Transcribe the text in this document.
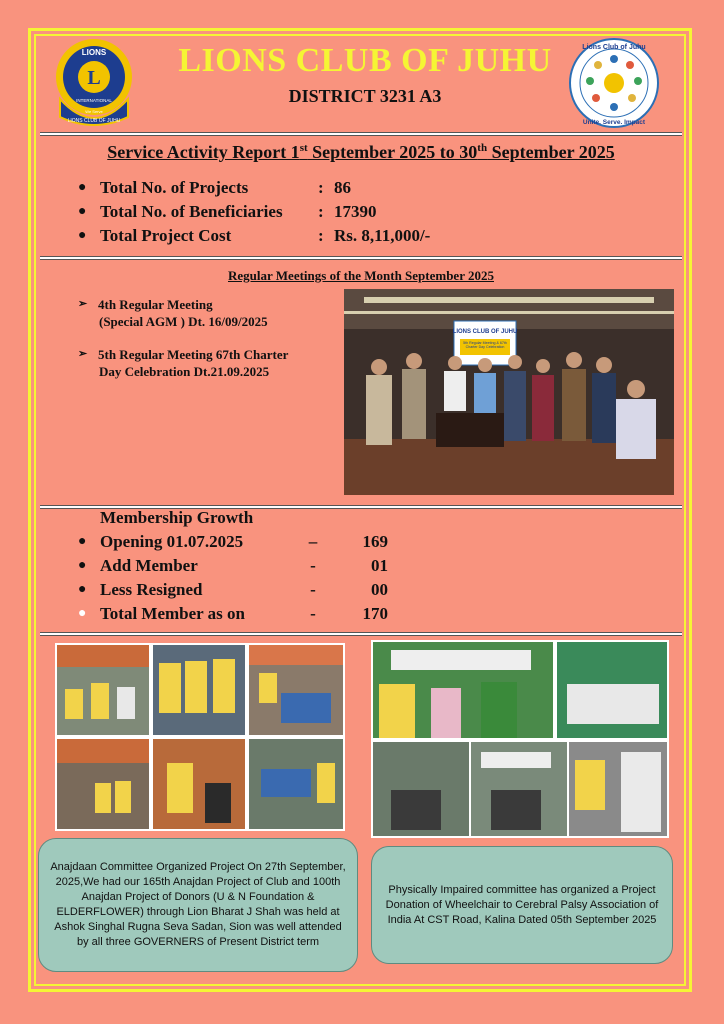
L
LIONS
INTERNATIONAL
We Serve
LIONS CLUB OF JUHU
LIONS CLUB OF JUHU
DISTRICT 3231 A3
Lions Club of Juhu
Unite. Serve. Impact
Service Activity Report 1st September 2025 to 30th September 2025
● Total No. of Projects	: 86
● Total No. of Beneficiaries	: 17390
● Total Project Cost	: Rs. 8,11,000/-
Regular Meetings of the Month September 2025
➢ 4th Regular Meeting
(Special AGM ) Dt. 16/09/2025
➢ 5th Regular Meeting 67th Charter
Day Celebration Dt.21.09.2025
LIONS CLUB OF JUHU
5th Regular Meeting & 67th Charter Day Celebration
Membership Growth
● Opening 01.07.2025	–	169
● Add Member	-	01
● Less Resigned	-	00
● Total Member as on	-	170
Anajdaan Committee Organized Project On 27th September, 2025,We had our 165th Anajdan Project of Club and 100th Anajdan Project of Donors (U & N Foundation & ELDERFLOWER) through Lion Bharat J Shah was held at Ashok Singhal Rugna Seva Sadan, Sion was well attended by all three GOVERNERS of Present District term
Physically Impaired committee has organized a Project Donation of Wheelchair to Cerebral Palsy Association of India At CST Road, Kalina Dated 05th September 2025
